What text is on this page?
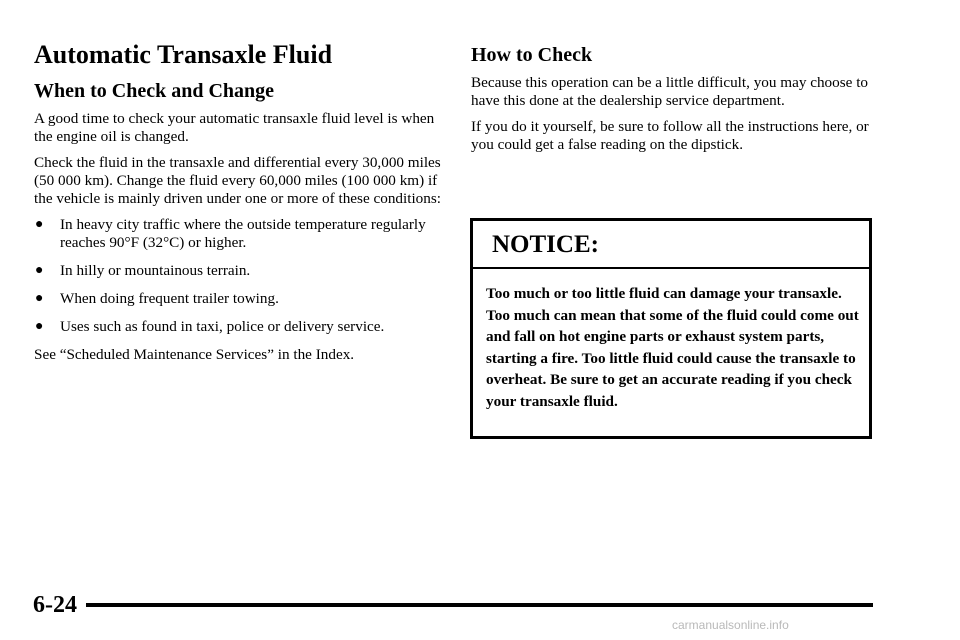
Automatic Transaxle Fluid
When to Check and Change

A good time to check your automatic transaxle fluid level is when the engine oil is changed.

Check the fluid in the transaxle and differential every 30,000 miles (50 000 km). Change the fluid every 60,000 miles (100 000 km) if the vehicle is mainly driven under one or more of these conditions:

● In heavy city traffic where the outside temperature regularly reaches 90°F (32°C) or higher.
● In hilly or mountainous terrain.
● When doing frequent trailer towing.
● Uses such as found in taxi, police or delivery service.

See “Scheduled Maintenance Services” in the Index.

How to Check

Because this operation can be a little difficult, you may choose to have this done at the dealership service department.

If you do it yourself, be sure to follow all the instructions here, or you could get a false reading on the dipstick.

NOTICE:
Too much or too little fluid can damage your transaxle. Too much can mean that some of the fluid could come out and fall on hot engine parts or exhaust system parts, starting a fire. Too little fluid could cause the transaxle to overheat. Be sure to get an accurate reading if you check your transaxle fluid.
6-24
carmanualsonline.info
